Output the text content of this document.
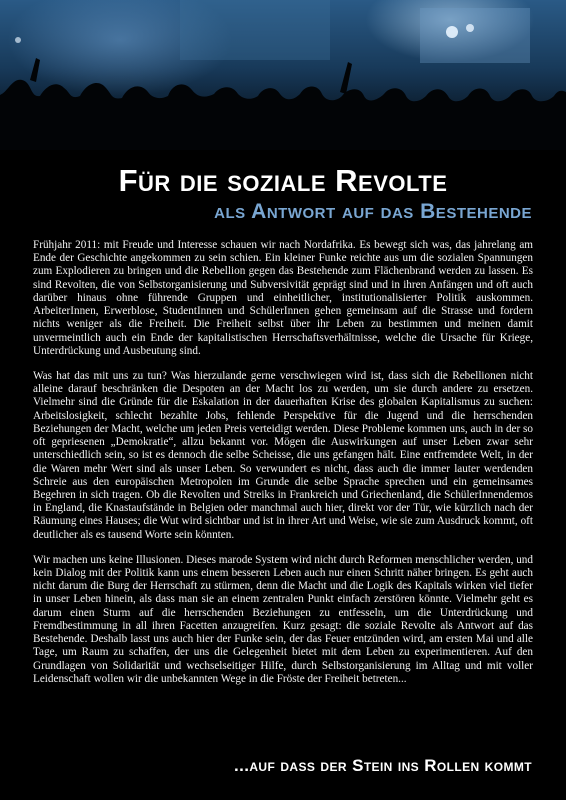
Für die soziale Revolte
als Antwort auf das Bestehende

Frühjahr 2011: mit Freude und Interesse schauen wir nach Nordafrika. Es bewegt sich was, das jahrelang am Ende der Geschichte angekommen zu sein schien. Ein kleiner Funke reichte aus um die sozialen Spannungen zum Explodieren zu bringen und die Rebellion gegen das Bestehende zum Flächenbrand werden zu lassen. Es sind Revolten, die von Selbstorganisierung und Subversivität geprägt sind und in ihren Anfängen und oft auch darüber hinaus ohne führende Gruppen und einheitlicher, institutionalisierter Politik auskommen. ArbeiterInnen, Erwerblose, StudentInnen und SchülerInnen gehen gemeinsam auf die Strasse und fordern nichts weniger als die Freiheit. Die Freiheit selbst über ihr Leben zu bestimmen und meinen damit unvermeintlich auch ein Ende der kapitalistischen Herrschaftsverhältnisse, welche die Ursache für Kriege, Unterdrückung und Ausbeutung sind.

Was hat das mit uns zu tun? Was hierzulande gerne verschwiegen wird ist, dass sich die Rebellionen nicht alleine darauf beschränken die Despoten an der Macht los zu werden, um sie durch andere zu ersetzen. Vielmehr sind die Gründe für die Eskalation in der dauerhaften Krise des globalen Kapitalismus zu suchen: Arbeitslosigkeit, schlecht bezahlte Jobs, fehlende Perspektive für die Jugend und die herrschenden Beziehungen der Macht, welche um jeden Preis verteidigt werden. Diese Probleme kommen uns, auch in der so oft gepriesenen „Demokratie“, allzu bekannt vor. Mögen die Auswirkungen auf unser Leben zwar sehr unterschiedlich sein, so ist es dennoch die selbe Scheisse, die uns gefangen hält. Eine entfremdete Welt, in der die Waren mehr Wert sind als unser Leben. So verwundert es nicht, dass auch die immer lauter werdenden Schreie aus den europäischen Metropolen im Grunde die selbe Sprache sprechen und ein gemeinsames Begehren in sich tragen. Ob die Revolten und Streiks in Frankreich und Griechenland, die SchülerInnendemos in England, die Knastaufstände in Belgien oder manchmal auch hier, direkt vor der Tür, wie kürzlich nach der Räumung eines Hauses; die Wut wird sichtbar und ist in ihrer Art und Weise, wie sie zum Ausdruck kommt, oft deutlicher als es tausend Worte sein könnten.

Wir machen uns keine Illusionen. Dieses marode System wird nicht durch Reformen menschlicher werden, und kein Dialog mit der Politik kann uns einem besseren Leben auch nur einen Schritt näher bringen. Es geht auch nicht darum die Burg der Herrschaft zu stürmen, denn die Macht und die Logik des Kapitals wirken viel tiefer in unser Leben hinein, als dass man sie an einem zentralen Punkt einfach zerstören könnte. Vielmehr geht es darum einen Sturm auf die herrschenden Beziehungen zu entfesseln, um die Unterdrückung und Fremdbestimmung in all ihren Facetten anzugreifen. Kurz gesagt: die soziale Revolte als Antwort auf das Bestehende. Deshalb lasst uns auch hier der Funke sein, der das Feuer entzünden wird, am ersten Mai und alle Tage, um Raum zu schaffen, der uns die Gelegenheit bietet mit dem Leben zu experimentieren. Auf den Grundlagen von Solidarität und wechselseitiger Hilfe, durch Selbstorganisierung im Alltag und mit voller Leidenschaft wollen wir die unbekannten Wege in die Fröste der Freiheit betreten...

...auf dass der Stein ins Rollen kommt
